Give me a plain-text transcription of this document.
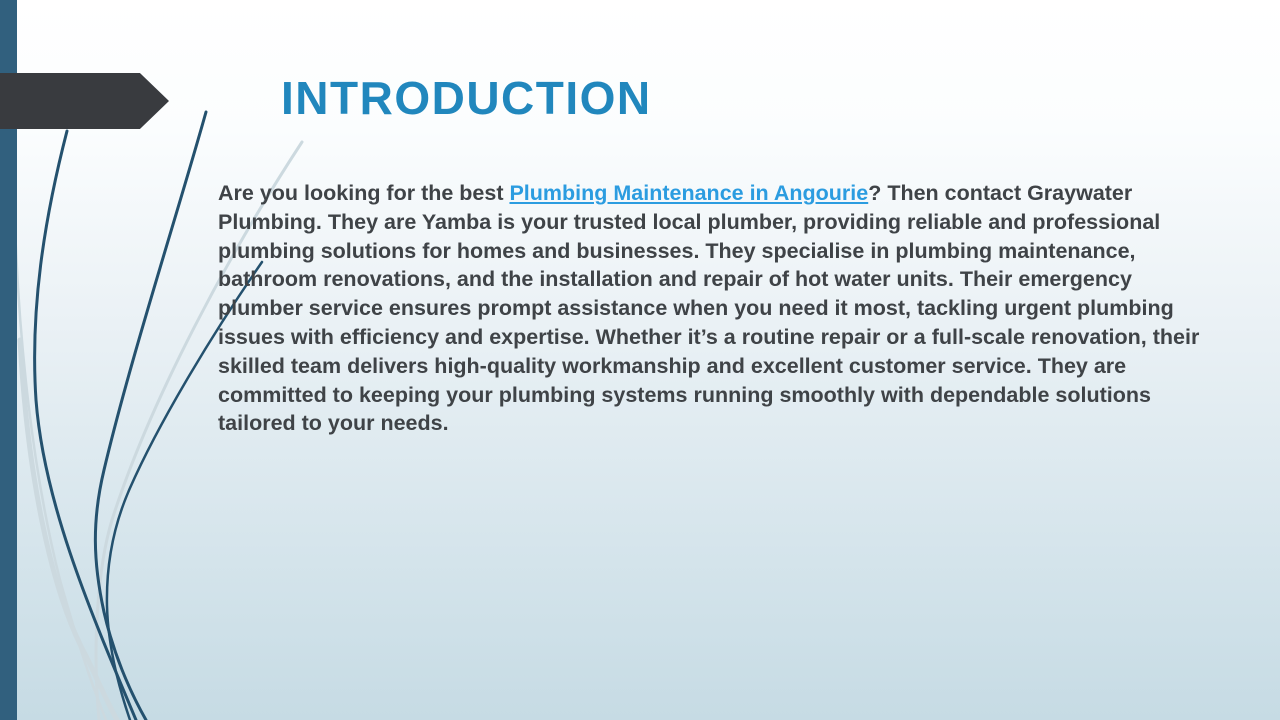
INTRODUCTION

Are you looking for the best Plumbing Maintenance in Angourie? Then contact Graywater Plumbing. They are Yamba is your trusted local plumber, providing reliable and professional plumbing solutions for homes and businesses. They specialise in plumbing maintenance, bathroom renovations, and the installation and repair of hot water units. Their emergency plumber service ensures prompt assistance when you need it most, tackling urgent plumbing issues with efficiency and expertise. Whether it’s a routine repair or a full-scale renovation, their skilled team delivers high-quality workmanship and excellent customer service. They are committed to keeping your plumbing systems running smoothly with dependable solutions tailored to your needs.
